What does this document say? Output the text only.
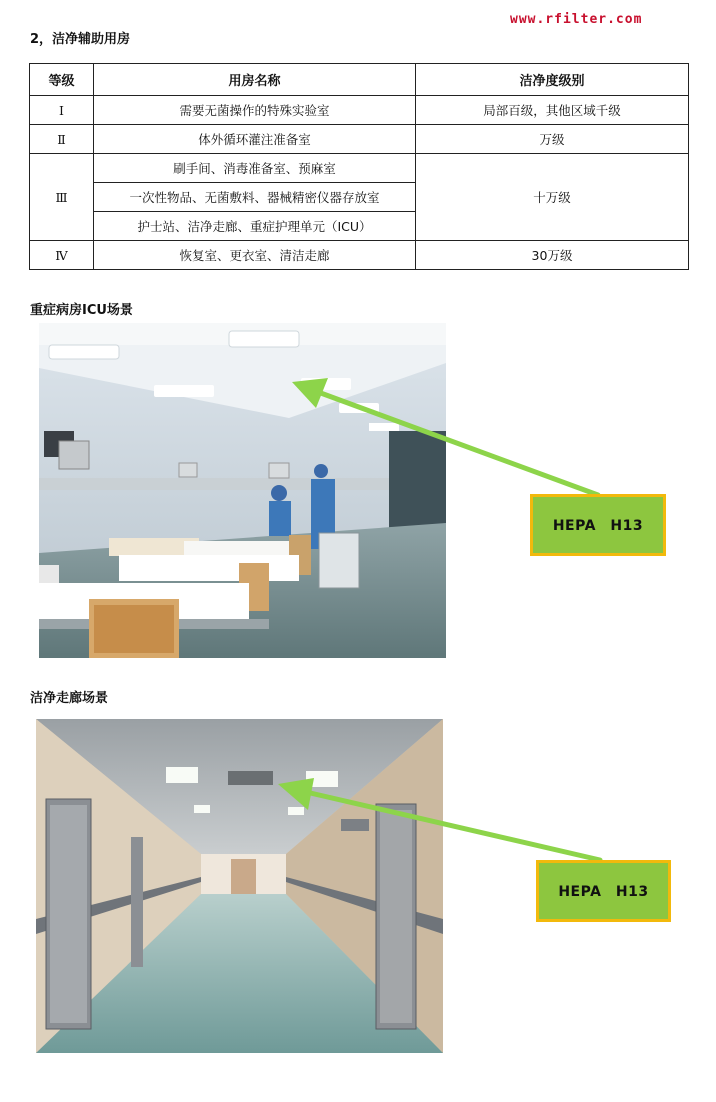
www.rfilter.com
2，洁净辅助用房
等级	用房名称	洁净度级别
Ⅰ	需要无菌操作的特殊实验室	局部百级，其他区域千级
Ⅱ	体外循环灌注准备室	万级
Ⅲ	刷手间、消毒准备室、预麻室	十万级
	一次性物品、无菌敷料、器械精密仪器存放室	
	护士站、洁净走廊、重症护理单元（ICU）	
Ⅳ	恢复室、更衣室、清洁走廊	30万级
重症病房ICU场景
HEPA　H13
洁净走廊场景
HEPA　H13
